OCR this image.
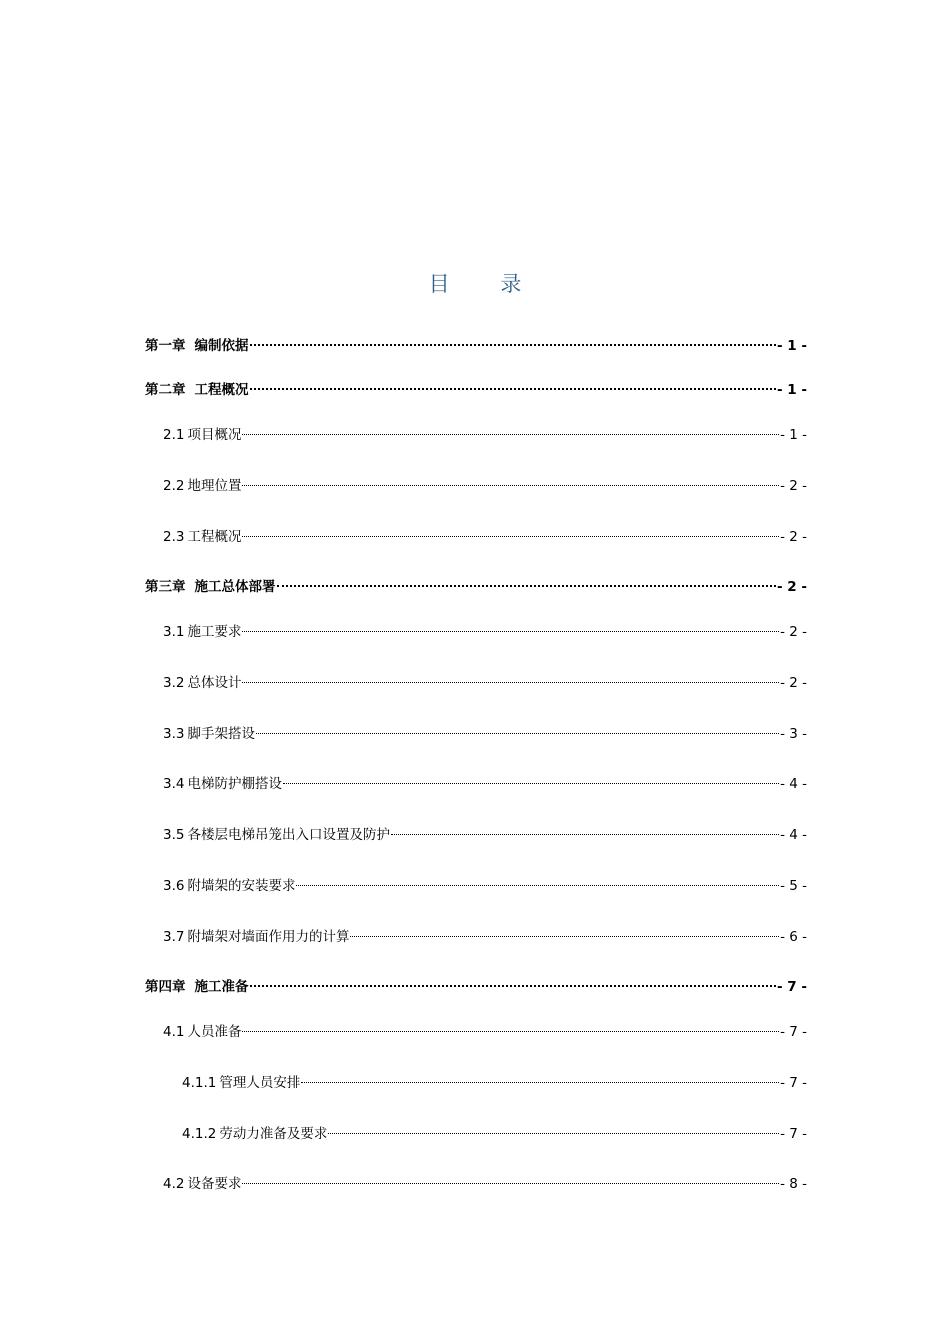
目 录
第一章 编制依据	- 1 -
第二章 工程概况	- 1 -
2.1 项目概况	- 1 -
2.2 地理位置	- 2 -
2.3 工程概况	- 2 -
第三章 施工总体部署	- 2 -
3.1 施工要求	- 2 -
3.2 总体设计	- 2 -
3.3 脚手架搭设	- 3 -
3.4 电梯防护棚搭设	- 4 -
3.5 各楼层电梯吊笼出入口设置及防护	- 4 -
3.6 附墙架的安装要求	- 5 -
3.7 附墙架对墙面作用力的计算	- 6 -
第四章 施工准备	- 7 -
4.1 人员准备	- 7 -
4.1.1 管理人员安排	- 7 -
4.1.2 劳动力准备及要求	- 7 -
4.2 设备要求	- 8 -
